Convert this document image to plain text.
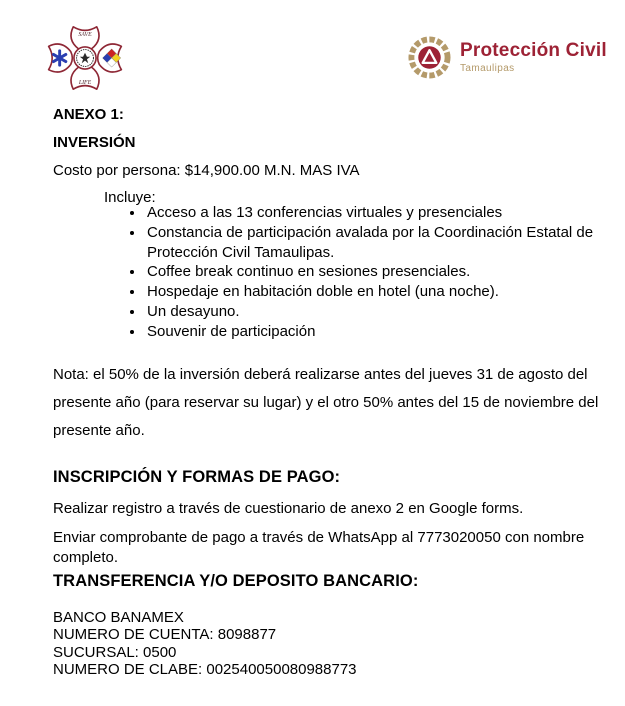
SAVE
LIFE
Protección Civil
Tamaulipas
ANEXO 1:
INVERSIÓN
Costo por persona: $14,900.00 M.N. MAS IVA
Incluye:
• Acceso a las 13 conferencias virtuales y presenciales
• Constancia de participación avalada por la Coordinación Estatal de Protección Civil Tamaulipas.
• Coffee break continuo en sesiones presenciales.
• Hospedaje en habitación doble en hotel (una noche).
• Un desayuno.
• Souvenir de participación
Nota: el 50% de la inversión deberá realizarse antes del jueves 31 de agosto del presente año (para reservar su lugar) y el otro 50% antes del 15 de noviembre del presente año.
INSCRIPCIÓN Y FORMAS DE PAGO:
Realizar registro a través de cuestionario de anexo 2 en Google forms.
Enviar comprobante de pago a través de WhatsApp al 7773020050 con nombre completo.
TRANSFERENCIA Y/O DEPOSITO BANCARIO:
BANCO BANAMEX
NUMERO DE CUENTA: 8098877
SUCURSAL: 0500
NUMERO DE CLABE: 002540050080988773
